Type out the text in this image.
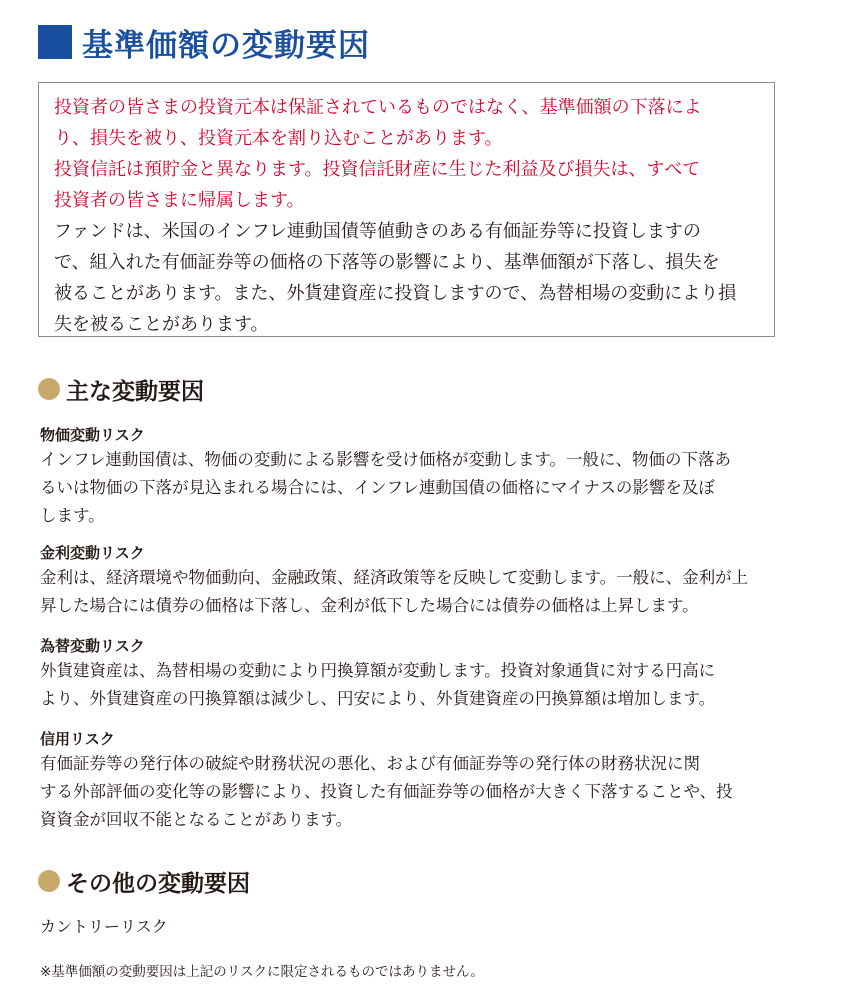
基準価額の変動要因
投資者の皆さまの投資元本は保証されているものではなく、基準価額の下落によ
り、損失を被り、投資元本を割り込むことがあります。
投資信託は預貯金と異なります。投資信託財産に生じた利益及び損失は、すべて
投資者の皆さまに帰属します。
ファンドは、米国のインフレ連動国債等値動きのある有価証券等に投資しますの
で、組入れた有価証券等の価格の下落等の影響により、基準価額が下落し、損失を
被ることがあります。また、外貨建資産に投資しますので、為替相場の変動により損
失を被ることがあります。
主な変動要因
物価変動リスク
インフレ連動国債は、物価の変動による影響を受け価格が変動します。一般に、物価の下落あ
るいは物価の下落が見込まれる場合には、インフレ連動国債の価格にマイナスの影響を及ぼ
します。
金利変動リスク
金利は、経済環境や物価動向、金融政策、経済政策等を反映して変動します。一般に、金利が上
昇した場合には債券の価格は下落し、金利が低下した場合には債券の価格は上昇します。
為替変動リスク
外貨建資産は、為替相場の変動により円換算額が変動します。投資対象通貨に対する円高に
より、外貨建資産の円換算額は減少し、円安により、外貨建資産の円換算額は増加します。
信用リスク
有価証券等の発行体の破綻や財務状況の悪化、および有価証券等の発行体の財務状況に関
する外部評価の変化等の影響により、投資した有価証券等の価格が大きく下落することや、投
資資金が回収不能となることがあります。
その他の変動要因
カントリーリスク
※基準価額の変動要因は上記のリスクに限定されるものではありません。
